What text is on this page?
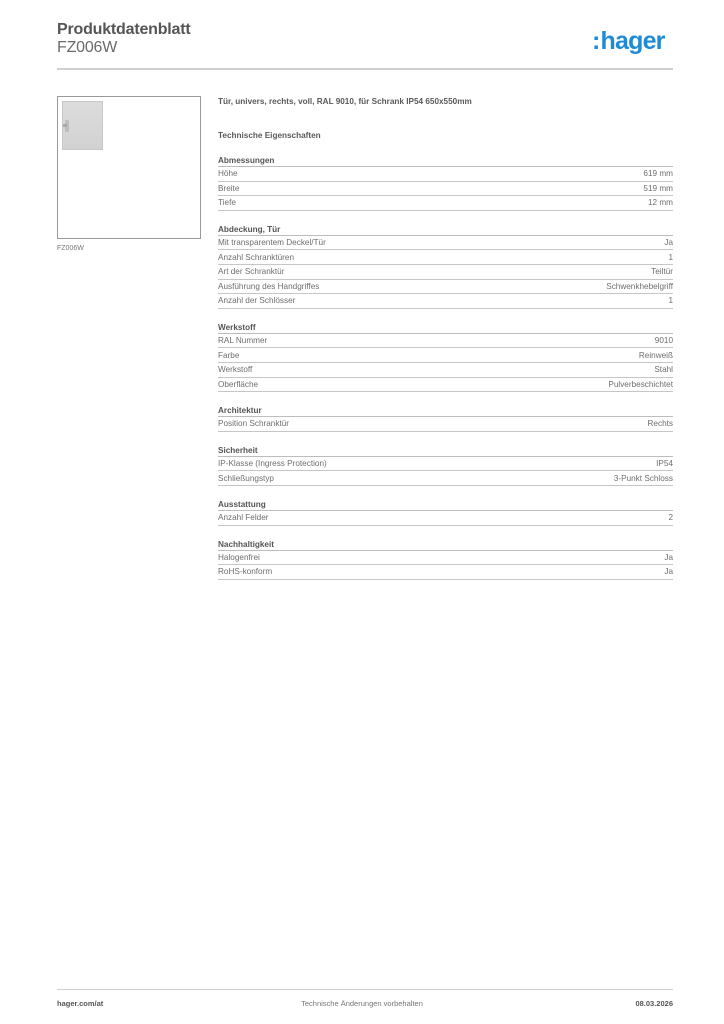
Produktdatenblatt
FZ006W	:hager
FZ006W
Tür, univers, rechts, voll, RAL 9010, für Schrank IP54 650x550mm
Technische Eigenschaften
Abmessungen
Höhe	619 mm
Breite	519 mm
Tiefe	12 mm
Abdeckung, Tür
Mit transparentem Deckel/Tür	Ja
Anzahl Schranktüren	1
Art der Schranktür	Teiltür
Ausführung des Handgriffes	Schwenkhebelgriff
Anzahl der Schlösser	1
Werkstoff
RAL Nummer	9010
Farbe	Reinweiß
Werkstoff	Stahl
Oberfläche	Pulverbeschichtet
Architektur
Position Schranktür	Rechts
Sicherheit
IP-Klasse (Ingress Protection)	IP54
Schließungstyp	3-Punkt Schloss
Ausstattung
Anzahl Felder	2
Nachhaltigkeit
Halogenfrei	Ja
RoHS-konform	Ja
hager.com/at	Technische Änderungen vorbehalten	08.03.2026
